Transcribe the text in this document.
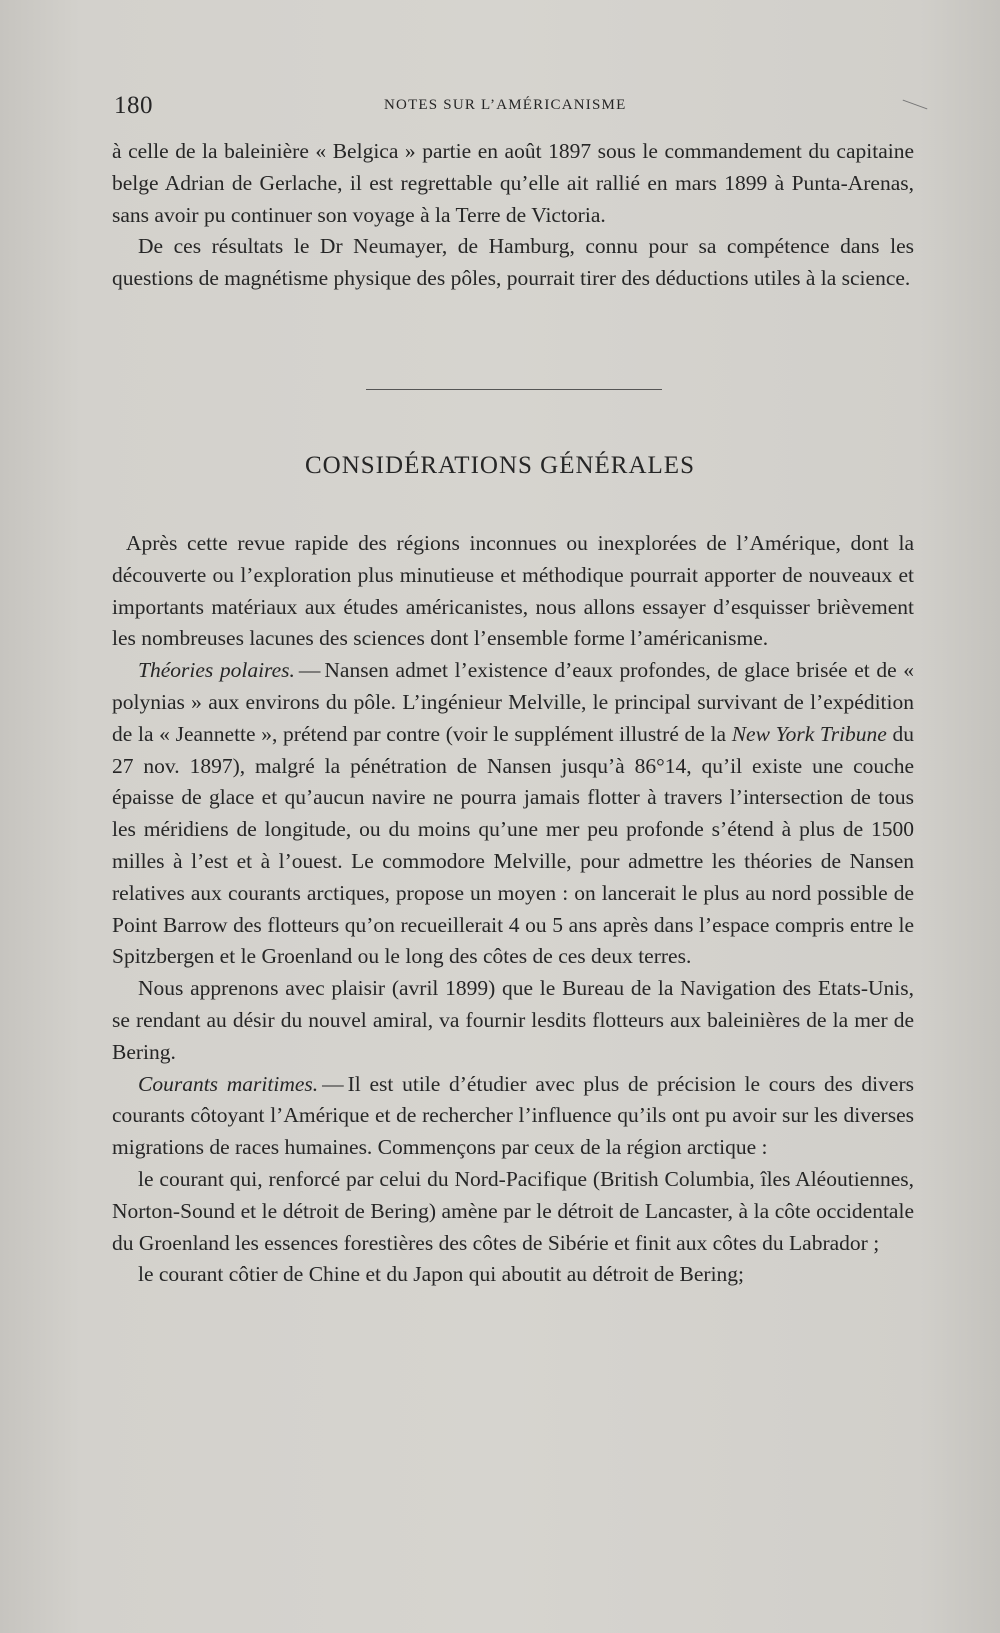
180	NOTES SUR L’AMÉRICANISME

à celle de la baleinière « Belgica » partie en août 1897 sous le commandement du capitaine belge Adrian de Gerlache, il est regrettable qu’elle ait rallié en mars 1899 à Punta-Arenas, sans avoir pu continuer son voyage à la Terre de Victoria.

De ces résultats le Dr Neumayer, de Hamburg, connu pour sa compétence dans les questions de magnétisme physique des pôles, pourrait tirer des déductions utiles à la science.

CONSIDÉRATIONS GÉNÉRALES

Après cette revue rapide des régions inconnues ou inexplorées de l’Amérique, dont la découverte ou l’exploration plus minutieuse et méthodique pourrait apporter de nouveaux et importants matériaux aux études américanistes, nous allons essayer d’esquisser brièvement les nombreuses lacunes des sciences dont l’ensemble forme l’américanisme.

Théories polaires. — Nansen admet l’existence d’eaux profondes, de glace brisée et de « polynias » aux environs du pôle. L’ingénieur Melville, le principal survivant de l’expédition de la « Jeannette », prétend par contre (voir le supplément illustré de la New York Tribune du 27 nov. 1897), malgré la pénétration de Nansen jusqu’à 86°14, qu’il existe une couche épaisse de glace et qu’aucun navire ne pourra jamais flotter à travers l’intersection de tous les méridiens de longitude, ou du moins qu’une mer peu profonde s’étend à plus de 1500 milles à l’est et à l’ouest. Le commodore Melville, pour admettre les théories de Nansen relatives aux courants arctiques, propose un moyen : on lancerait le plus au nord possible de Point Barrow des flotteurs qu’on recueillerait 4 ou 5 ans après dans l’espace compris entre le Spitzbergen et le Groenland ou le long des côtes de ces deux terres.

Nous apprenons avec plaisir (avril 1899) que le Bureau de la Navigation des Etats-Unis, se rendant au désir du nouvel amiral, va fournir lesdits flotteurs aux baleinières de la mer de Bering.

Courants maritimes. — Il est utile d’étudier avec plus de précision le cours des divers courants côtoyant l’Amérique et de rechercher l’influence qu’ils ont pu avoir sur les diverses migrations de races humaines. Commençons par ceux de la région arctique :

le courant qui, renforcé par celui du Nord-Pacifique (British Columbia, îles Aléoutiennes, Norton-Sound et le détroit de Bering) amène par le détroit de Lancaster, à la côte occidentale du Groenland les essences forestières des côtes de Sibérie et finit aux côtes du Labrador ;

le courant côtier de Chine et du Japon qui aboutit au détroit de Bering;
